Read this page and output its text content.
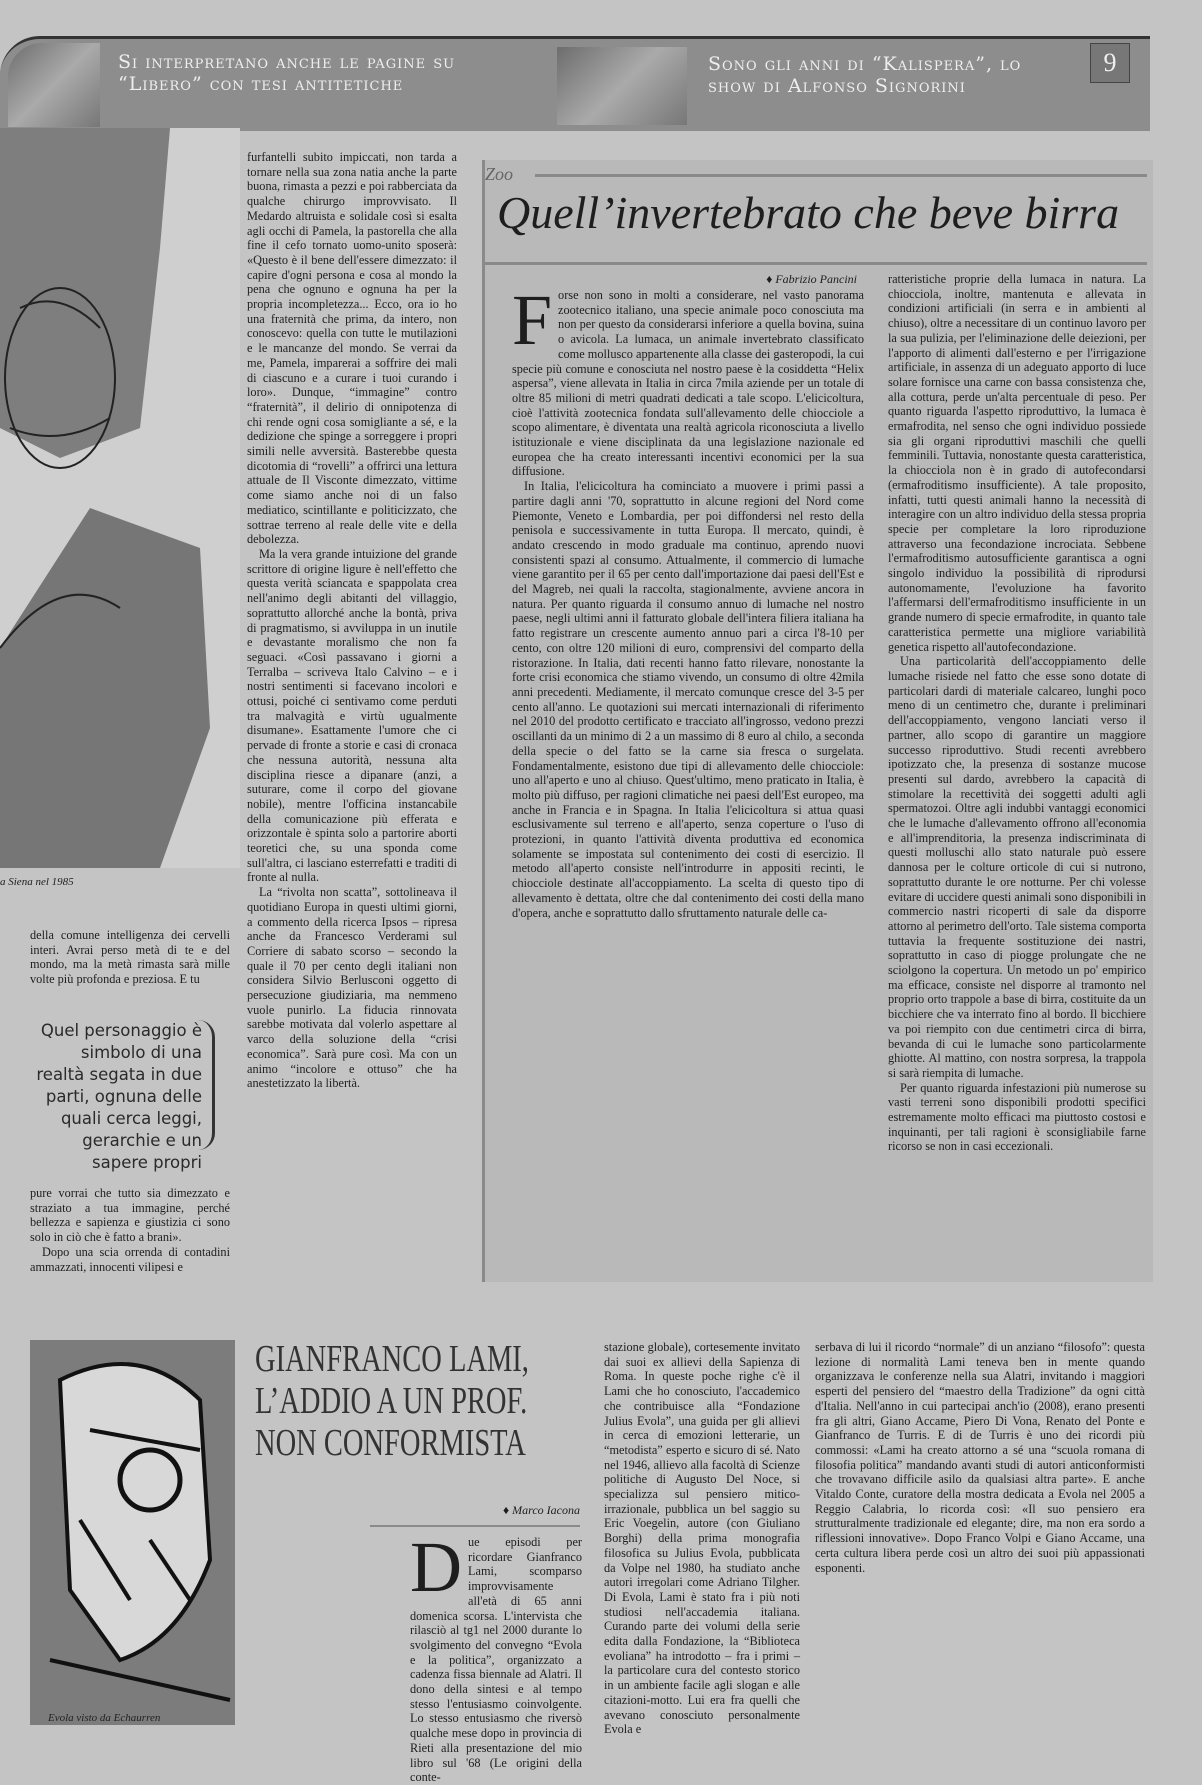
Si interpretano anche le pagine su “Libero” con tesi antitetiche
Sono gli anni di “Kalispera”, lo show di Alfonso Signorini
9
a Siena nel 1985

furfantelli subito impiccati, non tarda a tornare nella sua zona natia anche la parte buona, rimasta a pezzi e poi rabberciata da qualche chirurgo improvvisato. Il Medardo altruista e solidale così si esalta agli occhi di Pamela, la pastorella che alla fine il cefo tornato uomo-unito sposerà: «Questo è il bene dell'essere dimezzato: il capire d'ogni persona e cosa al mondo la pena che ognuno e ognuna ha per la propria incompletezza... Ecco, ora io ho una fraternità che prima, da intero, non conoscevo: quella con tutte le mutilazioni e le mancanze del mondo. Se verrai da me, Pamela, imparerai a soffrire dei mali di ciascuno e a curare i tuoi curando i loro». Dunque, “immagine” contro “fraternità”, il delirio di onnipotenza di chi rende ogni cosa somigliante a sé, e la dedizione che spinge a sorreggere i propri simili nelle avversità. Basterebbe questa dicotomia di “rovelli” a offrirci una lettura attuale de Il Visconte dimezzato, vittime come siamo anche noi di un falso mediatico, scintillante e politicizzato, che sottrae terreno al reale delle vite e della debolezza.

Ma la vera grande intuizione del grande scrittore di origine ligure è nell'effetto che questa verità sciancata e spappolata crea nell'animo degli abitanti del villaggio, soprattutto allorché anche la bontà, priva di pragmatismo, si avviluppa in un inutile e devastante moralismo che non fa seguaci. «Così passavano i giorni a Terralba – scriveva Italo Calvino – e i nostri sentimenti si facevano incolori e ottusi, poiché ci sentivamo come perduti tra malvagità e virtù ugualmente disumane». Esattamente l'umore che ci pervade di fronte a storie e casi di cronaca che nessuna autorità, nessuna alta disciplina riesce a dipanare (anzi, a suturare, come il corpo del giovane nobile), mentre l'officina instancabile della comunicazione più efferata e orizzontale è spinta solo a partorire aborti teoretici che, su una sponda come sull'altra, ci lasciano esterrefatti e traditi di fronte al nulla.

La “rivolta non scatta”, sottolineava il quotidiano Europa in questi ultimi giorni, a commento della ricerca Ipsos – ripresa anche da Francesco Verderami sul Corriere di sabato scorso – secondo la quale il 70 per cento degli italiani non considera Silvio Berlusconi oggetto di persecuzione giudiziaria, ma nemmeno vuole punirlo. La fiducia rinnovata sarebbe motivata dal volerlo aspettare al varco della soluzione della “crisi economica”. Sarà pure così. Ma con un animo “incolore e ottuso” che ha anestetizzato la libertà.

della comune intelligenza dei cervelli interi. Avrai perso metà di te e del mondo, ma la metà rimasta sarà mille volte più profonda e preziosa. E tu

Quel personaggio è simbolo di una realtà segata in due parti, ognuna delle quali cerca leggi, gerarchie e un sapere propri

pure vorrai che tutto sia dimezzato e straziato a tua immagine, perché bellezza e sapienza e giustizia ci sono solo in ciò che è fatto a brani».

Dopo una scia orrenda di contadini ammazzati, innocenti vilipesi e

Zoo
Quell’invertebrato che beve birra
♦ Fabrizio Pancini

Forse non sono in molti a considerare, nel vasto panorama zootecnico italiano, una specie animale poco conosciuta ma non per questo da considerarsi inferiore a quella bovina, suina o avicola. La lumaca, un animale invertebrato classificato come mollusco appartenente alla classe dei gasteropodi, la cui specie più comune e conosciuta nel nostro paese è la cosiddetta “Helix aspersa”, viene allevata in Italia in circa 7mila aziende per un totale di oltre 85 milioni di metri quadrati dedicati a tale scopo. L'elicicoltura, cioè l'attività zootecnica fondata sull'allevamento delle chiocciole a scopo alimentare, è diventata una realtà agricola riconosciuta a livello istituzionale e viene disciplinata da una legislazione nazionale ed europea che ha creato interessanti incentivi economici per la sua diffusione.

In Italia, l'elicicoltura ha cominciato a muovere i primi passi a partire dagli anni '70, soprattutto in alcune regioni del Nord come Piemonte, Veneto e Lombardia, per poi diffondersi nel resto della penisola e successivamente in tutta Europa. Il mercato, quindi, è andato crescendo in modo graduale ma continuo, aprendo nuovi consistenti spazi al consumo. Attualmente, il commercio di lumache viene garantito per il 65 per cento dall'importazione dai paesi dell'Est e del Magreb, nei quali la raccolta, stagionalmente, avviene ancora in natura. Per quanto riguarda il consumo annuo di lumache nel nostro paese, negli ultimi anni il fatturato globale dell'intera filiera italiana ha fatto registrare un crescente aumento annuo pari a circa l'8-10 per cento, con oltre 120 milioni di euro, comprensivi del comparto della ristorazione. In Italia, dati recenti hanno fatto rilevare, nonostante la forte crisi economica che stiamo vivendo, un consumo di oltre 42mila anni precedenti. Mediamente, il mercato comunque cresce del 3-5 per cento all'anno. Le quotazioni sui mercati internazionali di riferimento nel 2010 del prodotto certificato e tracciato all'ingrosso, vedono prezzi oscillanti da un minimo di 2 a un massimo di 8 euro al chilo, a seconda della specie o del fatto se la carne sia fresca o surgelata. Fondamentalmente, esistono due tipi di allevamento delle chiocciole: uno all'aperto e uno al chiuso. Quest'ultimo, meno praticato in Italia, è molto più diffuso, per ragioni climatiche nei paesi dell'Est europeo, ma anche in Francia e in Spagna. In Italia l'elicicoltura si attua quasi esclusivamente sul terreno e all'aperto, senza coperture o l'uso di protezioni, in quanto l'attività diventa produttiva ed economica solamente se impostata sul contenimento dei costi di esercizio. Il metodo all'aperto consiste nell'introdurre in appositi recinti, le chiocciole destinate all'accoppiamento. La scelta di questo tipo di allevamento è dettata, oltre che dal contenimento dei costi della mano d'opera, anche e soprattutto dallo sfruttamento naturale delle ca-

ratteristiche proprie della lumaca in natura. La chiocciola, inoltre, mantenuta e allevata in condizioni artificiali (in serra e in ambienti al chiuso), oltre a necessitare di un continuo lavoro per la sua pulizia, per l'eliminazione delle deiezioni, per l'apporto di alimenti dall'esterno e per l'irrigazione artificiale, in assenza di un adeguato apporto di luce solare fornisce una carne con bassa consistenza che, alla cottura, perde un'alta percentuale di peso. Per quanto riguarda l'aspetto riproduttivo, la lumaca è ermafrodita, nel senso che ogni individuo possiede sia gli organi riproduttivi maschili che quelli femminili. Tuttavia, nonostante questa caratteristica, la chiocciola non è in grado di autofecondarsi (ermafroditismo insufficiente). A tale proposito, infatti, tutti questi animali hanno la necessità di interagire con un altro individuo della stessa propria specie per completare la loro riproduzione attraverso una fecondazione incrociata. Sebbene l'ermafroditismo autosufficiente garantisca a ogni singolo individuo la possibilità di riprodursi autonomamente, l'evoluzione ha favorito l'affermarsi dell'ermafroditismo insufficiente in un grande numero di specie ermafrodite, in quanto tale caratteristica permette una migliore variabilità genetica rispetto all'autofecondazione.

Una particolarità dell'accoppiamento delle lumache risiede nel fatto che esse sono dotate di particolari dardi di materiale calcareo, lunghi poco meno di un centimetro che, durante i preliminari dell'accoppiamento, vengono lanciati verso il partner, allo scopo di garantire un maggiore successo riproduttivo. Studi recenti avrebbero ipotizzato che, la presenza di sostanze mucose presenti sul dardo, avrebbero la capacità di stimolare la recettività dei soggetti adulti agli spermatozoi. Oltre agli indubbi vantaggi economici che le lumache d'allevamento offrono all'economia e all'imprenditoria, la presenza indiscriminata di questi molluschi allo stato naturale può essere dannosa per le colture orticole di cui si nutrono, soprattutto durante le ore notturne. Per chi volesse evitare di uccidere questi animali sono disponibili in commercio nastri ricoperti di sale da disporre attorno al perimetro dell'orto. Tale sistema comporta tuttavia la frequente sostituzione dei nastri, soprattutto in caso di piogge prolungate che ne sciolgono la copertura. Un metodo un po' empirico ma efficace, consiste nel disporre al tramonto nel proprio orto trappole a base di birra, costituite da un bicchiere che va interrato fino al bordo. Il bicchiere va poi riempito con due centimetri circa di birra, bevanda di cui le lumache sono particolarmente ghiotte. Al mattino, con nostra sorpresa, la trappola si sarà riempita di lumache.

Per quanto riguarda infestazioni più numerose su vasti terreni sono disponibili prodotti specifici estremamente molto efficaci ma piuttosto costosi e inquinanti, per tali ragioni è sconsigliabile farne ricorso se non in casi eccezionali.

Evola visto da Echaurren
GIANFRANCO LAMI, L’ADDIO A UN PROF. NON CONFORMISTA
♦ Marco Iacona

Due episodi per ricordare Gianfranco Lami, scomparso improvvisamente all'età di 65 anni domenica scorsa. L'intervista che rilasciò al tg1 nel 2000 durante lo svolgimento del convegno “Evola e la politica”, organizzato a cadenza fissa biennale ad Alatri. Il dono della sintesi e al tempo stesso l'entusiasmo coinvolgente. Lo stesso entusiasmo che riversò qualche mese dopo in provincia di Rieti alla presentazione del mio libro sul '68 (Le origini della conte-

stazione globale), cortesemente invitato dai suoi ex allievi della Sapienza di Roma. In queste poche righe c'è il Lami che ho conosciuto, l'accademico che contribuisce alla “Fondazione Julius Evola”, una guida per gli allievi in cerca di emozioni letterarie, un “metodista” esperto e sicuro di sé. Nato nel 1946, allievo alla facoltà di Scienze politiche di Augusto Del Noce, si specializza sul pensiero mitico-irrazionale, pubblica un bel saggio su Eric Voegelin, autore (con Giuliano Borghi) della prima monografia filosofica su Julius Evola, pubblicata da Volpe nel 1980, ha studiato anche autori irregolari come Adriano Tilgher. Di Evola, Lami è stato fra i più noti studiosi nell'accademia italiana. Curando parte dei volumi della serie edita dalla Fondazione, la “Biblioteca evoliana” ha introdotto – fra i primi – la particolare cura del contesto storico in un ambiente facile agli slogan e alle citazioni-motto. Lui era fra quelli che avevano conosciuto personalmente Evola e

serbava di lui il ricordo “normale” di un anziano “filosofo”: questa lezione di normalità Lami teneva ben in mente quando organizzava le conferenze nella sua Alatri, invitando i maggiori esperti del pensiero del “maestro della Tradizione” da ogni città d'Italia. Nell'anno in cui partecipai anch'io (2008), erano presenti fra gli altri, Giano Accame, Piero Di Vona, Renato del Ponte e Gianfranco de Turris. E di de Turris è uno dei ricordi più commossi: «Lami ha creato attorno a sé una “scuola romana di filosofia politica” mandando avanti studi di autori anticonformisti che trovavano difficile asilo da qualsiasi altra parte». E anche Vitaldo Conte, curatore della mostra dedicata a Evola nel 2005 a Reggio Calabria, lo ricorda così: «Il suo pensiero era strutturalmente tradizionale ed elegante; dire, ma non era sordo a riflessioni innovative». Dopo Franco Volpi e Giano Accame, una certa cultura libera perde così un altro dei suoi più appassionati esponenti.
